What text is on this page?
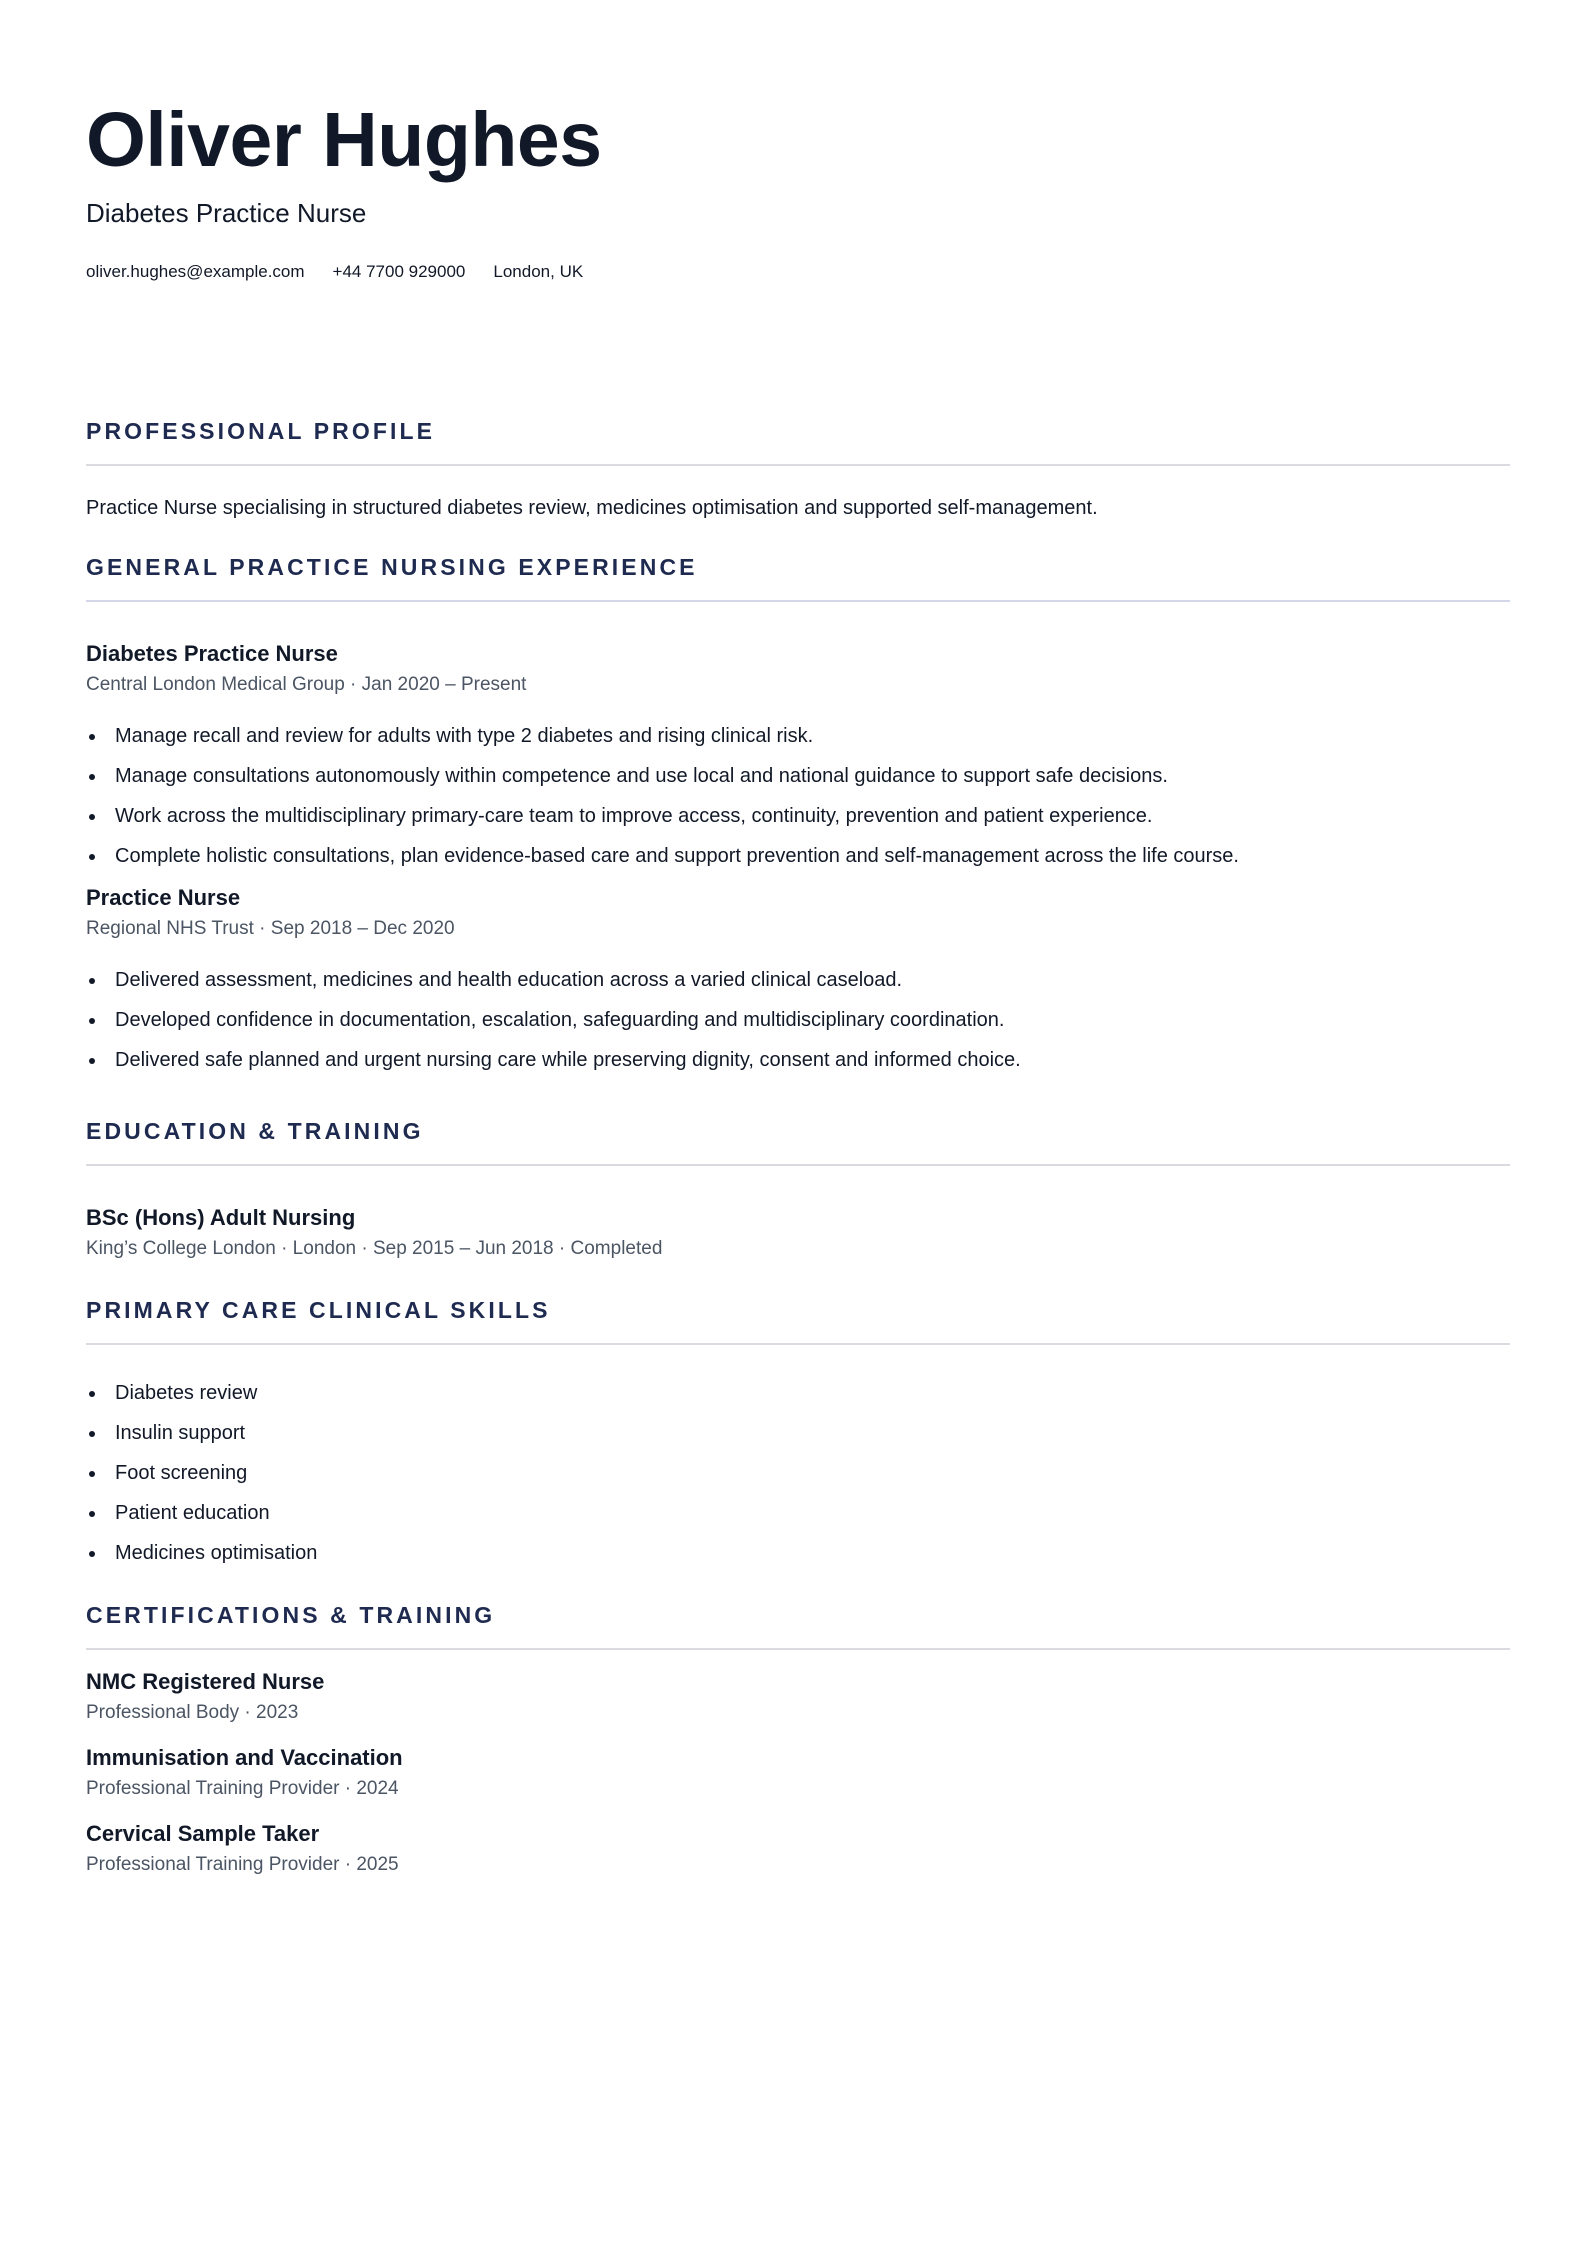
Oliver Hughes

Diabetes Practice Nurse

oliver.hughes@example.com +44 7700 929000 London, UK
PROFESSIONAL PROFILE

Practice Nurse specialising in structured diabetes review, medicines optimisation and supported self-management.

GENERAL PRACTICE NURSING EXPERIENCE

Diabetes Practice Nurse

Central London Medical Group · Jan 2020 – Present

Manage recall and review for adults with type 2 diabetes and rising clinical risk.
Manage consultations autonomously within competence and use local and national guidance to support safe decisions.
Work across the multidisciplinary primary-care team to improve access, continuity, prevention and patient experience.
Complete holistic consultations, plan evidence-based care and support prevention and self-management across the life course.

Practice Nurse

Regional NHS Trust · Sep 2018 – Dec 2020

Delivered assessment, medicines and health education across a varied clinical caseload.
Developed confidence in documentation, escalation, safeguarding and multidisciplinary coordination.
Delivered safe planned and urgent nursing care while preserving dignity, consent and informed choice.
EDUCATION & TRAINING

BSc (Hons) Adult Nursing

King’s College London · London · Sep 2015 – Jun 2018 · Completed

PRIMARY CARE CLINICAL SKILLS
Diabetes review
Insulin support
Foot screening
Patient education
Medicines optimisation
CERTIFICATIONS & TRAINING

NMC Registered Nurse

Professional Body · 2023

Immunisation and Vaccination

Professional Training Provider · 2024

Cervical Sample Taker

Professional Training Provider · 2025
